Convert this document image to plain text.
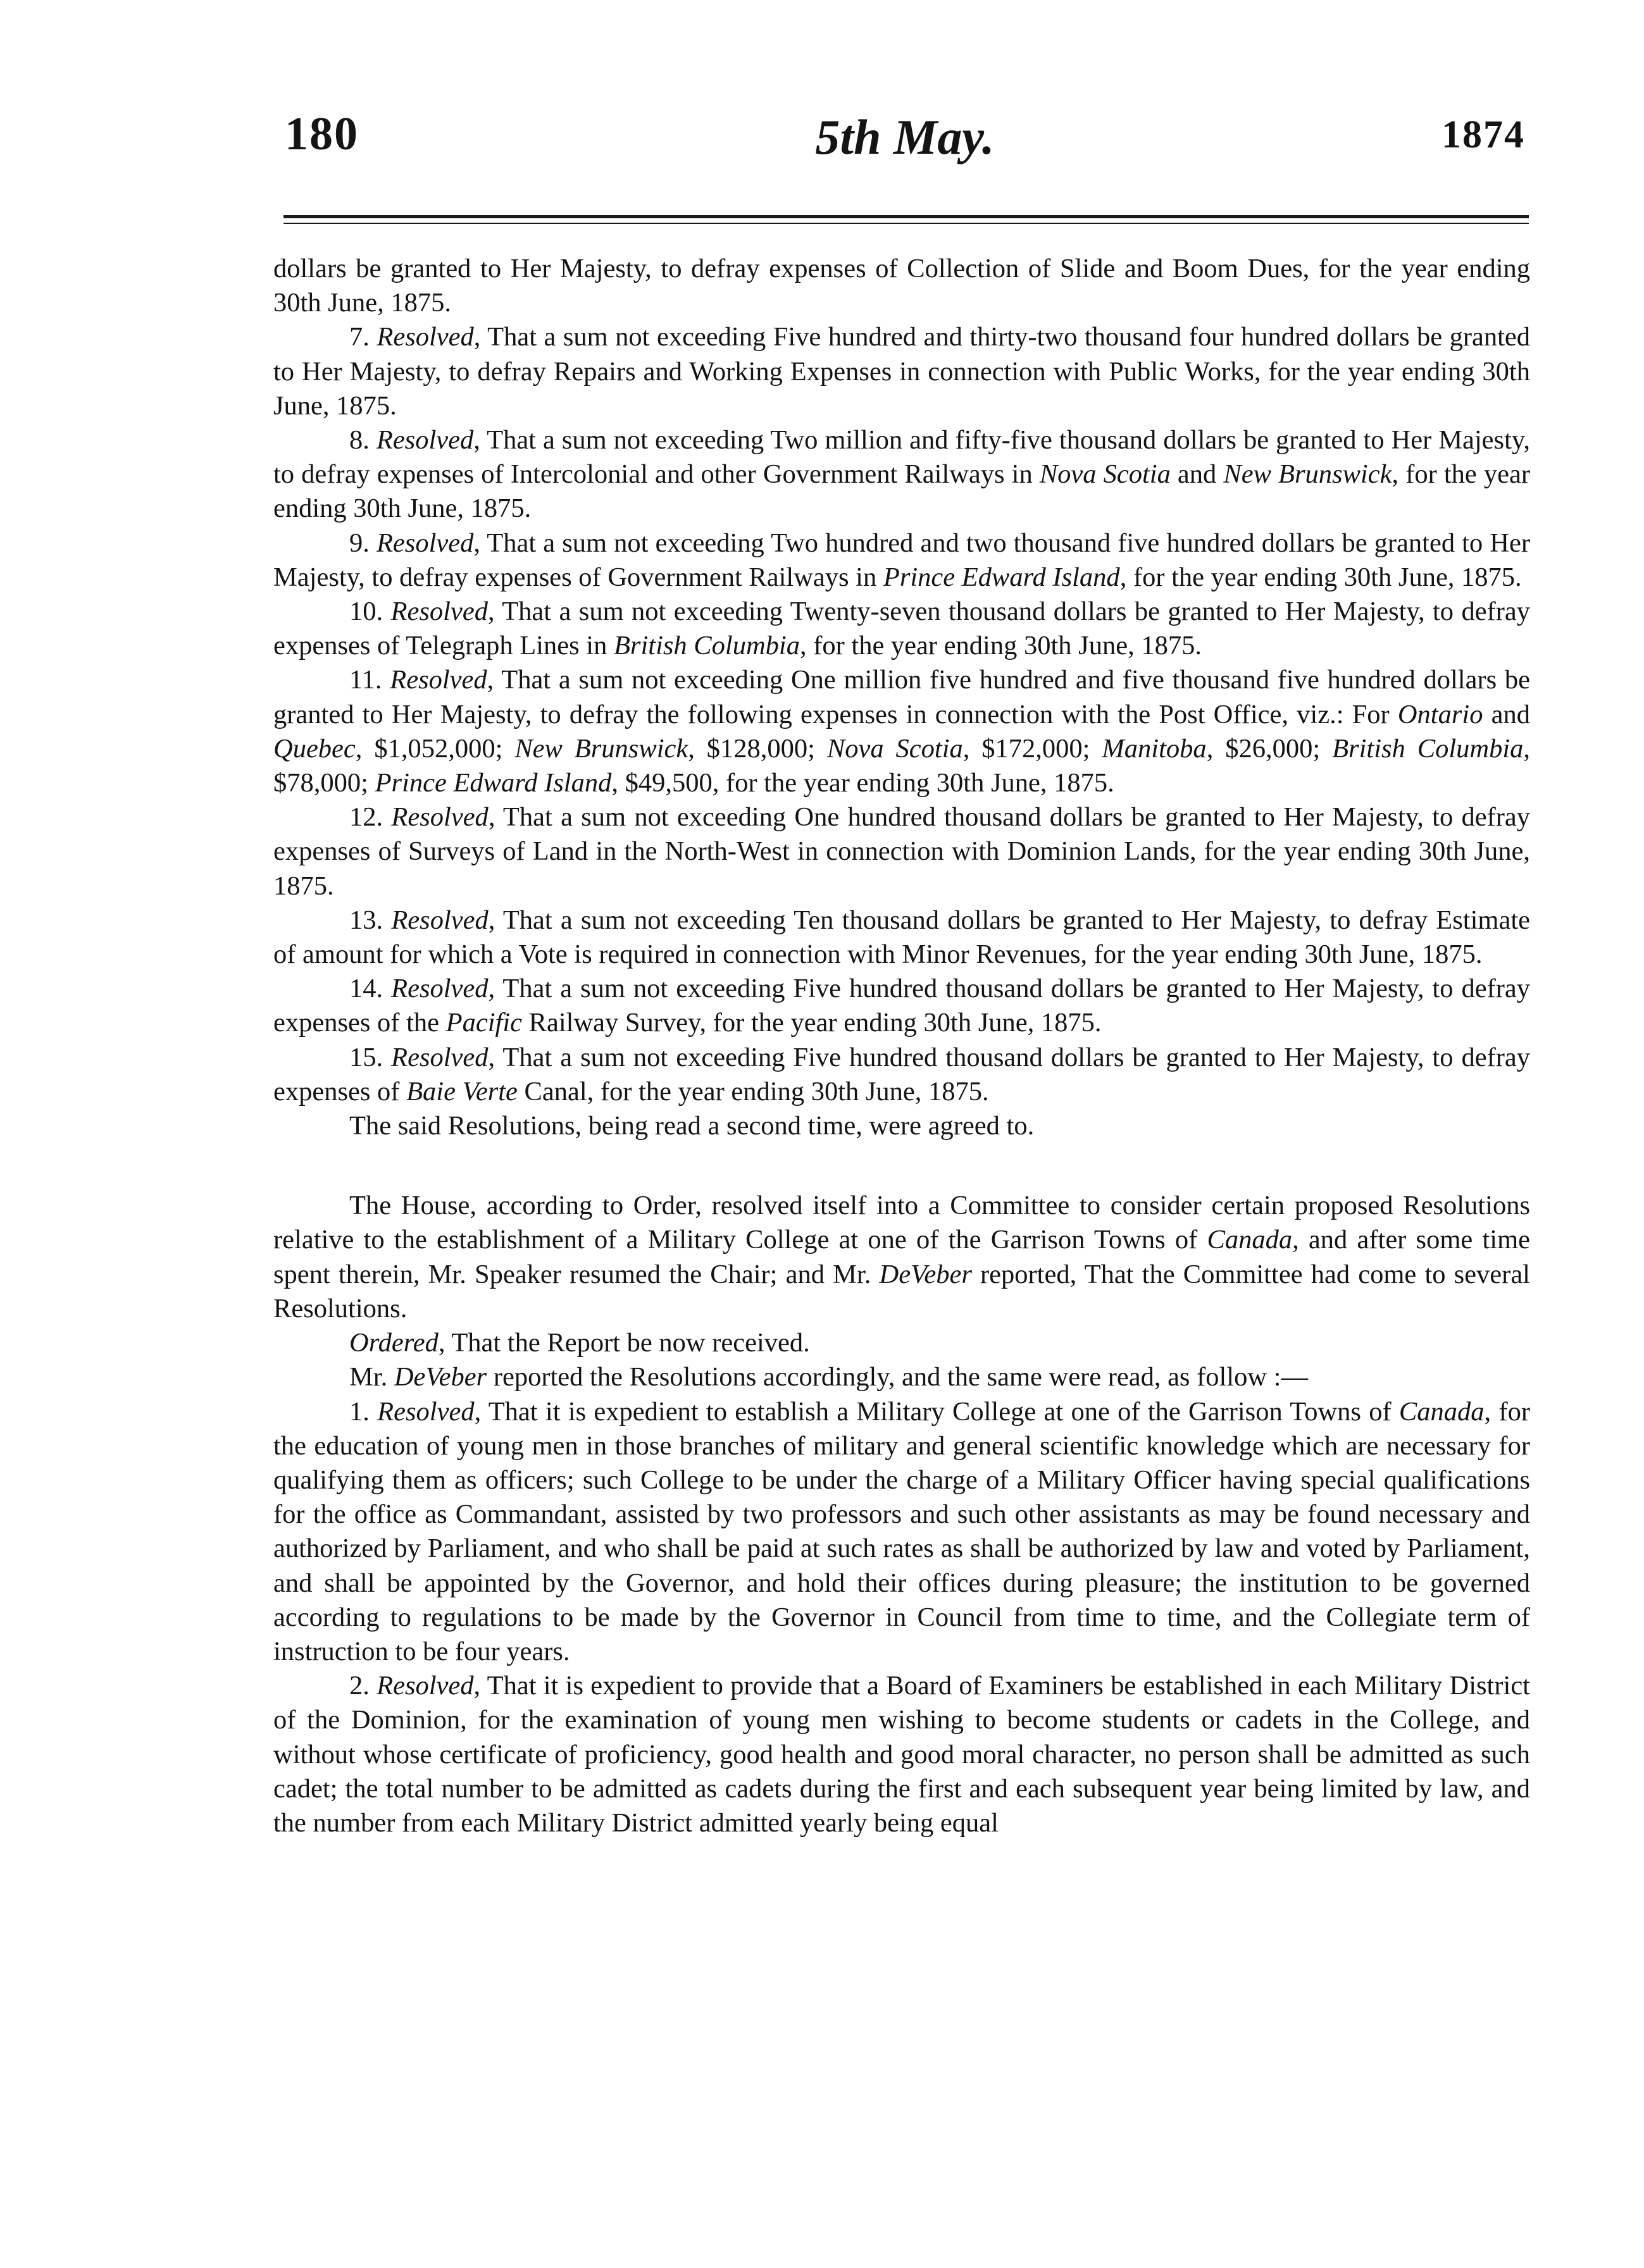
180	5th May.	1874

dollars be granted to Her Majesty, to defray expenses of Collection of Slide and Boom Dues, for the year ending 30th June, 1875.

7. Resolved, That a sum not exceeding Five hundred and thirty-two thousand four hundred dollars be granted to Her Majesty, to defray Repairs and Working Expenses in connection with Public Works, for the year ending 30th June, 1875.

8. Resolved, That a sum not exceeding Two million and fifty-five thousand dollars be granted to Her Majesty, to defray expenses of Intercolonial and other Government Railways in Nova Scotia and New Brunswick, for the year ending 30th June, 1875.

9. Resolved, That a sum not exceeding Two hundred and two thousand five hundred dollars be granted to Her Majesty, to defray expenses of Government Railways in Prince Edward Island, for the year ending 30th June, 1875.

10. Resolved, That a sum not exceeding Twenty-seven thousand dollars be granted to Her Majesty, to defray expenses of Telegraph Lines in British Columbia, for the year ending 30th June, 1875.

11. Resolved, That a sum not exceeding One million five hundred and five thousand five hundred dollars be granted to Her Majesty, to defray the following expenses in connection with the Post Office, viz.: For Ontario and Quebec, $1,052,000; New Brunswick, $128,000; Nova Scotia, $172,000; Manitoba, $26,000; British Columbia, $78,000; Prince Edward Island, $49,500, for the year ending 30th June, 1875.

12. Resolved, That a sum not exceeding One hundred thousand dollars be granted to Her Majesty, to defray expenses of Surveys of Land in the North-West in connection with Dominion Lands, for the year ending 30th June, 1875.

13. Resolved, That a sum not exceeding Ten thousand dollars be granted to Her Majesty, to defray Estimate of amount for which a Vote is required in connection with Minor Revenues, for the year ending 30th June, 1875.

14. Resolved, That a sum not exceeding Five hundred thousand dollars be granted to Her Majesty, to defray expenses of the Pacific Railway Survey, for the year ending 30th June, 1875.

15. Resolved, That a sum not exceeding Five hundred thousand dollars be granted to Her Majesty, to defray expenses of Baie Verte Canal, for the year ending 30th June, 1875.

The said Resolutions, being read a second time, were agreed to.

The House, according to Order, resolved itself into a Committee to consider certain proposed Resolutions relative to the establishment of a Military College at one of the Garrison Towns of Canada, and after some time spent therein, Mr. Speaker resumed the Chair; and Mr. DeVeber reported, That the Committee had come to several Resolutions.

Ordered, That the Report be now received.

Mr. DeVeber reported the Resolutions accordingly, and the same were read, as follow :—

1. Resolved, That it is expedient to establish a Military College at one of the Garrison Towns of Canada, for the education of young men in those branches of military and general scientific knowledge which are necessary for qualifying them as officers; such College to be under the charge of a Military Officer having special qualifications for the office as Commandant, assisted by two professors and such other assistants as may be found necessary and authorized by Parliament, and who shall be paid at such rates as shall be authorized by law and voted by Parliament, and shall be appointed by the Governor, and hold their offices during pleasure; the institution to be governed according to regulations to be made by the Governor in Council from time to time, and the Collegiate term of instruction to be four years.

2. Resolved, That it is expedient to provide that a Board of Examiners be established in each Military District of the Dominion, for the examination of young men wishing to become students or cadets in the College, and without whose certificate of proficiency, good health and good moral character, no person shall be admitted as such cadet; the total number to be admitted as cadets during the first and each subsequent year being limited by law, and the number from each Military District admitted yearly being equal
